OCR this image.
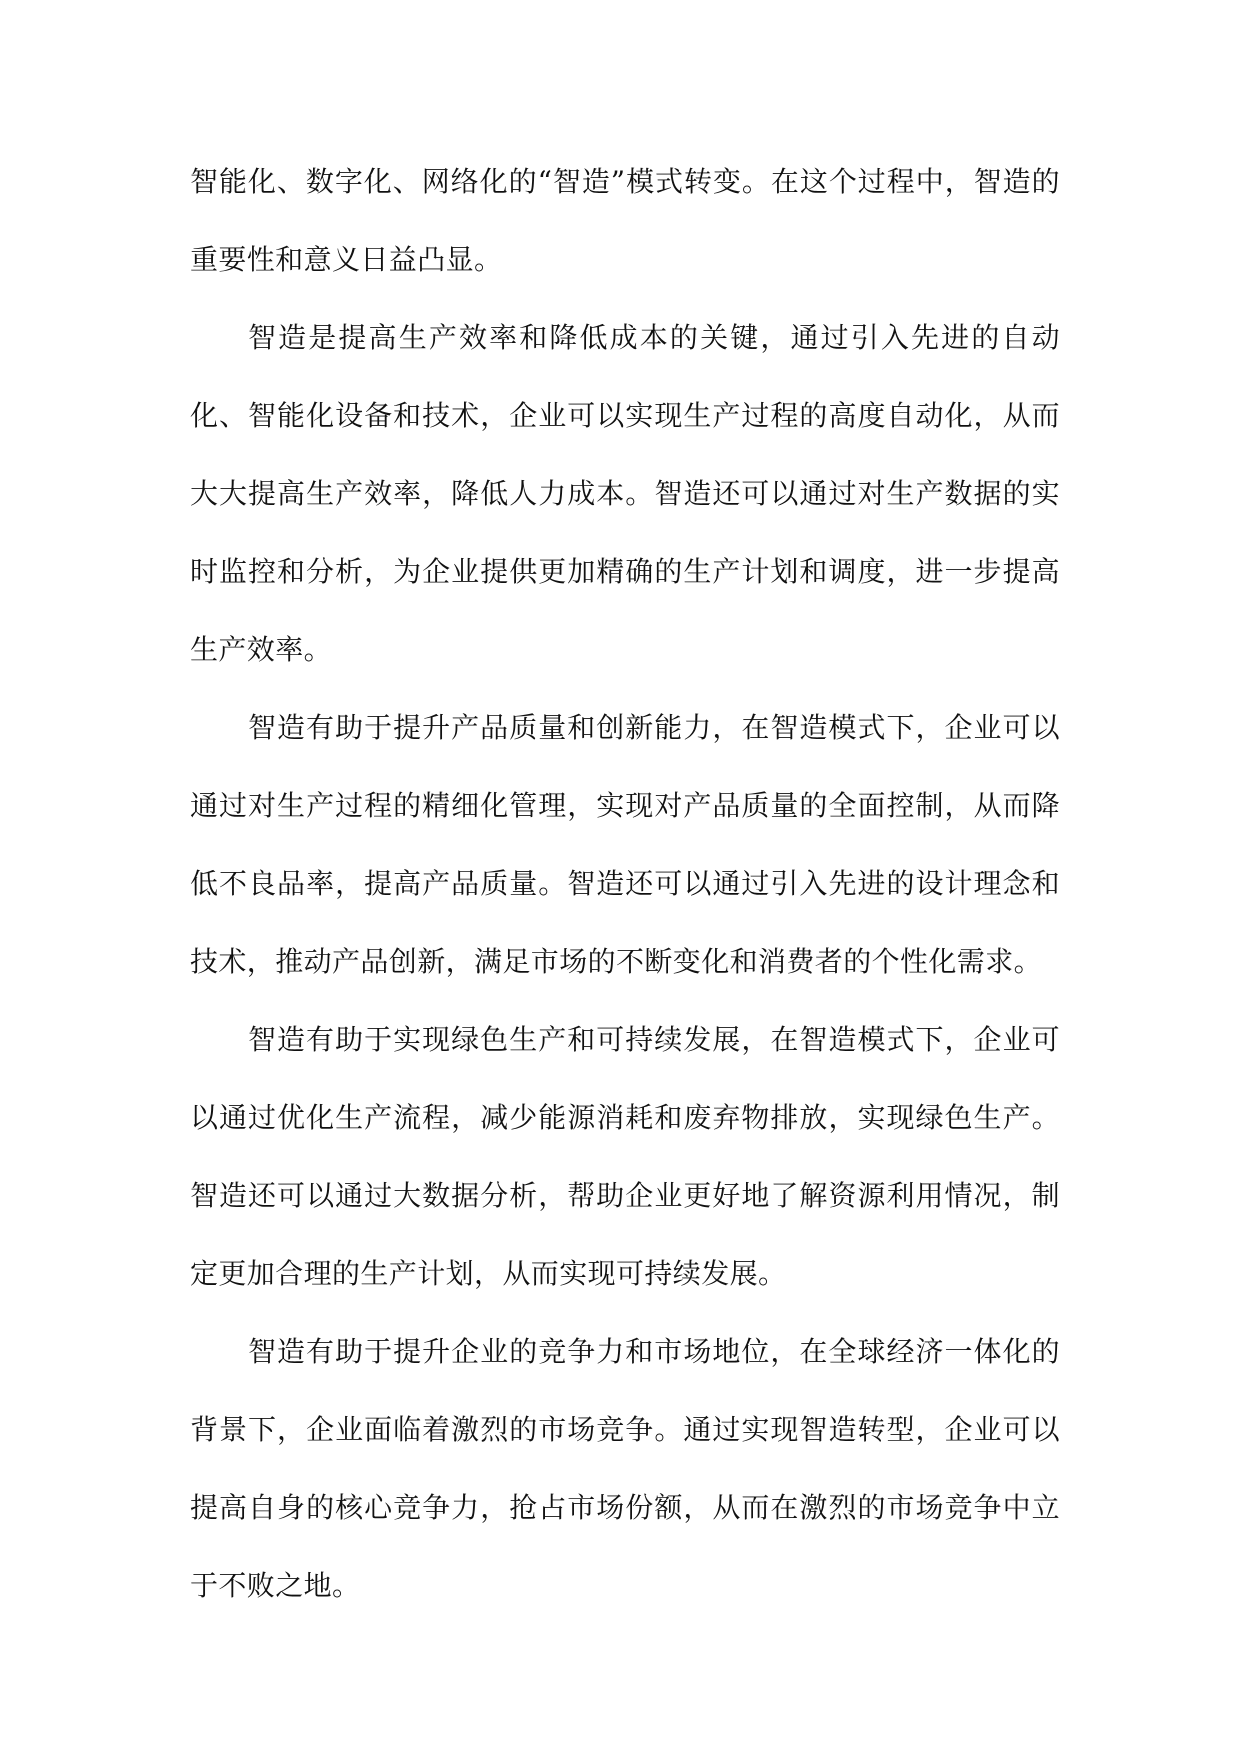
智能化、数字化、网络化的“智造”模式转变。在这个过程中，智造的重要性和意义日益凸显。

智造是提高生产效率和降低成本的关键，通过引入先进的自动化、智能化设备和技术，企业可以实现生产过程的高度自动化，从而大大提高生产效率，降低人力成本。智造还可以通过对生产数据的实时监控和分析，为企业提供更加精确的生产计划和调度，进一步提高生产效率。

智造有助于提升产品质量和创新能力，在智造模式下，企业可以通过对生产过程的精细化管理，实现对产品质量的全面控制，从而降低不良品率，提高产品质量。智造还可以通过引入先进的设计理念和技术，推动产品创新，满足市场的不断变化和消费者的个性化需求。

智造有助于实现绿色生产和可持续发展，在智造模式下，企业可以通过优化生产流程，减少能源消耗和废弃物排放，实现绿色生产。智造还可以通过大数据分析，帮助企业更好地了解资源利用情况，制定更加合理的生产计划，从而实现可持续发展。

智造有助于提升企业的竞争力和市场地位，在全球经济一体化的背景下，企业面临着激烈的市场竞争。通过实现智造转型，企业可以提高自身的核心竞争力，抢占市场份额，从而在激烈的市场竞争中立于不败之地。
